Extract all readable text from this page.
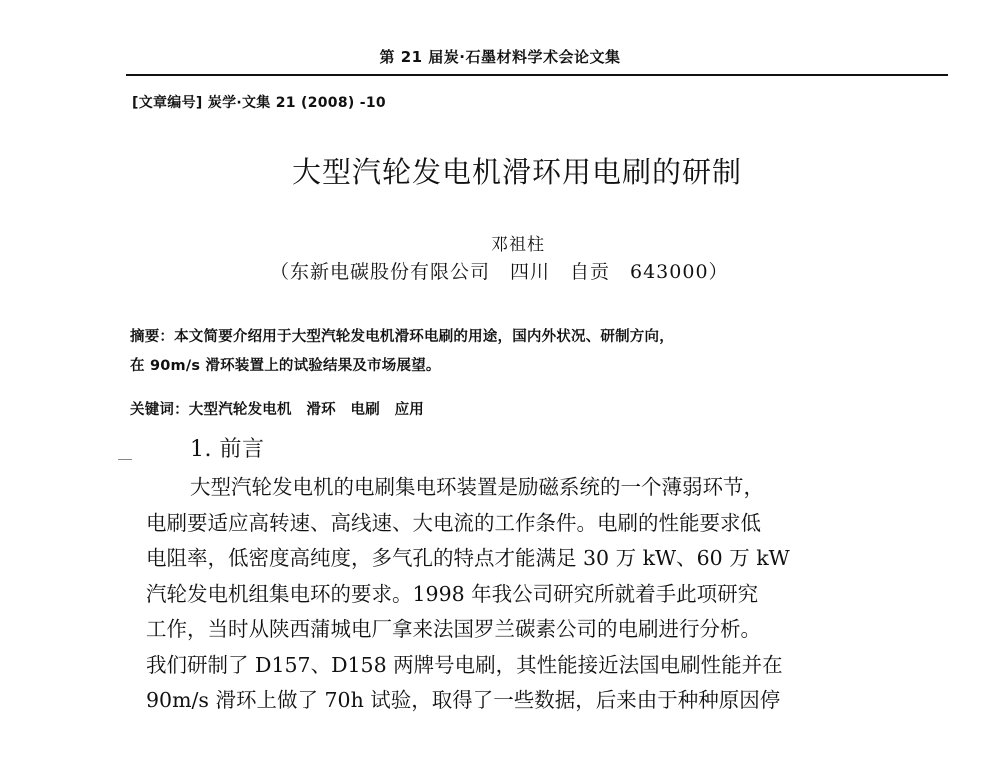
第 21 届炭·石墨材料学术会论文集
[文章编号] 炭学·文集 21 (2008) -10
大型汽轮发电机滑环用电刷的研制
邓祖柱
（东新电碳股份有限公司　四川　自贡　643000）
摘要：本文简要介绍用于大型汽轮发电机滑环电刷的用途，国内外状况、研制方向，
在 90m/s 滑环装置上的试验结果及市场展望。
关键词：大型汽轮发电机　滑环　电刷　应用
1. 前言
大型汽轮发电机的电刷集电环装置是励磁系统的一个薄弱环节，
电刷要适应高转速、高线速、大电流的工作条件。电刷的性能要求低
电阻率，低密度高纯度，多气孔的特点才能满足 30 万 kW、60 万 kW
汽轮发电机组集电环的要求。1998 年我公司研究所就着手此项研究
工作，当时从陕西蒲城电厂拿来法国罗兰碳素公司的电刷进行分析。
我们研制了 D157、D158 两牌号电刷，其性能接近法国电刷性能并在
90m/s 滑环上做了 70h 试验，取得了一些数据，后来由于种种原因停
